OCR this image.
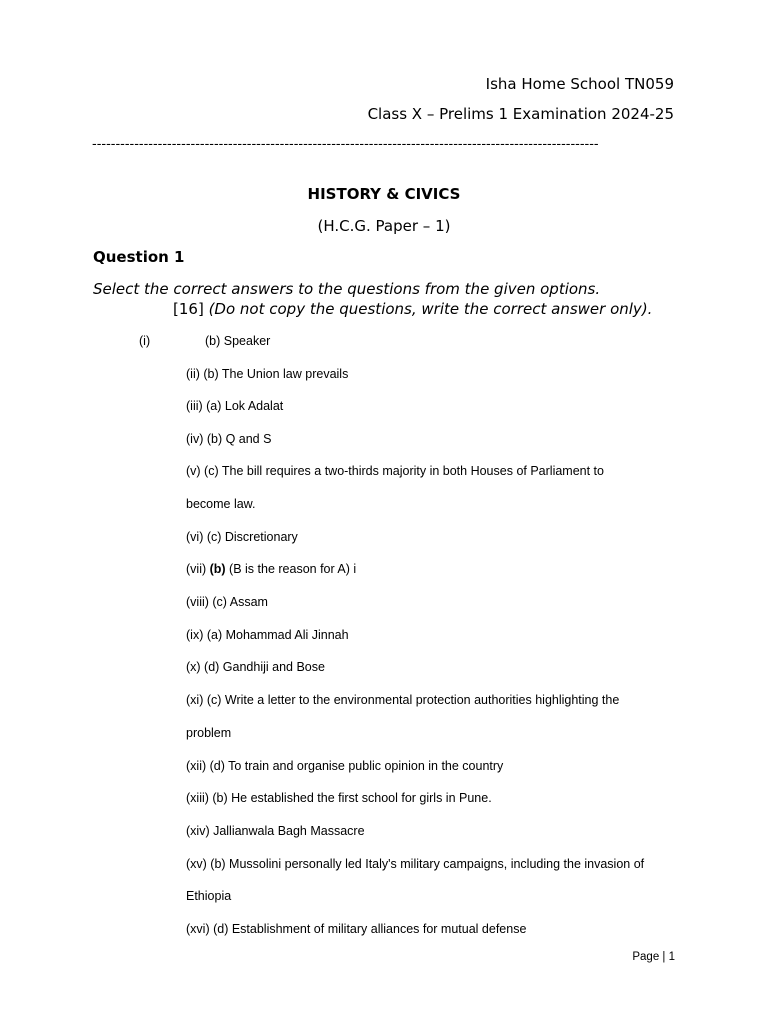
Isha Home School TN059
Class X – Prelims 1 Examination 2024-25
------------------------------------------------------------------------------------------------------------
HISTORY & CIVICS
(H.C.G. Paper – 1)
Question 1
Select the correct answers to the questions from the given options.
[16] (Do not copy the questions, write the correct answer only).
(i)	(b) Speaker
(ii) (b) The Union law prevails
(iii) (a) Lok Adalat
(iv) (b) Q and S
(v) (c) The bill requires a two-thirds majority in both Houses of Parliament to
become law.
(vi) (c) Discretionary
(vii) (b) (B is the reason for A) i
(viii) (c) Assam
(ix) (a) Mohammad Ali Jinnah
(x) (d) Gandhiji and Bose
(xi) (c) Write a letter to the environmental protection authorities highlighting the
problem
(xii) (d) To train and organise public opinion in the country
(xiii) (b) He established the first school for girls in Pune.
(xiv) Jallianwala Bagh Massacre
(xv) (b) Mussolini personally led Italy's military campaigns, including the invasion of
Ethiopia
(xvi) (d) Establishment of military alliances for mutual defense
Page | 1
